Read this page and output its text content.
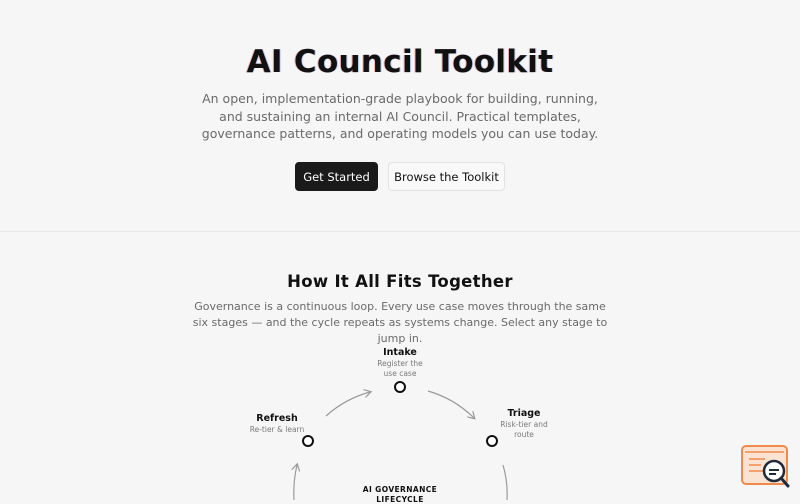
AI Council Toolkit

An open, implementation-grade playbook for building, running, and sustaining an internal AI Council. Practical templates, governance patterns, and operating models you can use today.

Get Started	Browse the Toolkit
How It All Fits Together

Governance is a continuous loop. Every use case moves through the same six stages — and the cycle repeats as systems change. Select any stage to jump in.

Intake
Register the use case
Triage
Risk-tier and route
Refresh
Re-tier & learn
AI GOVERNANCE LIFECYCLE
